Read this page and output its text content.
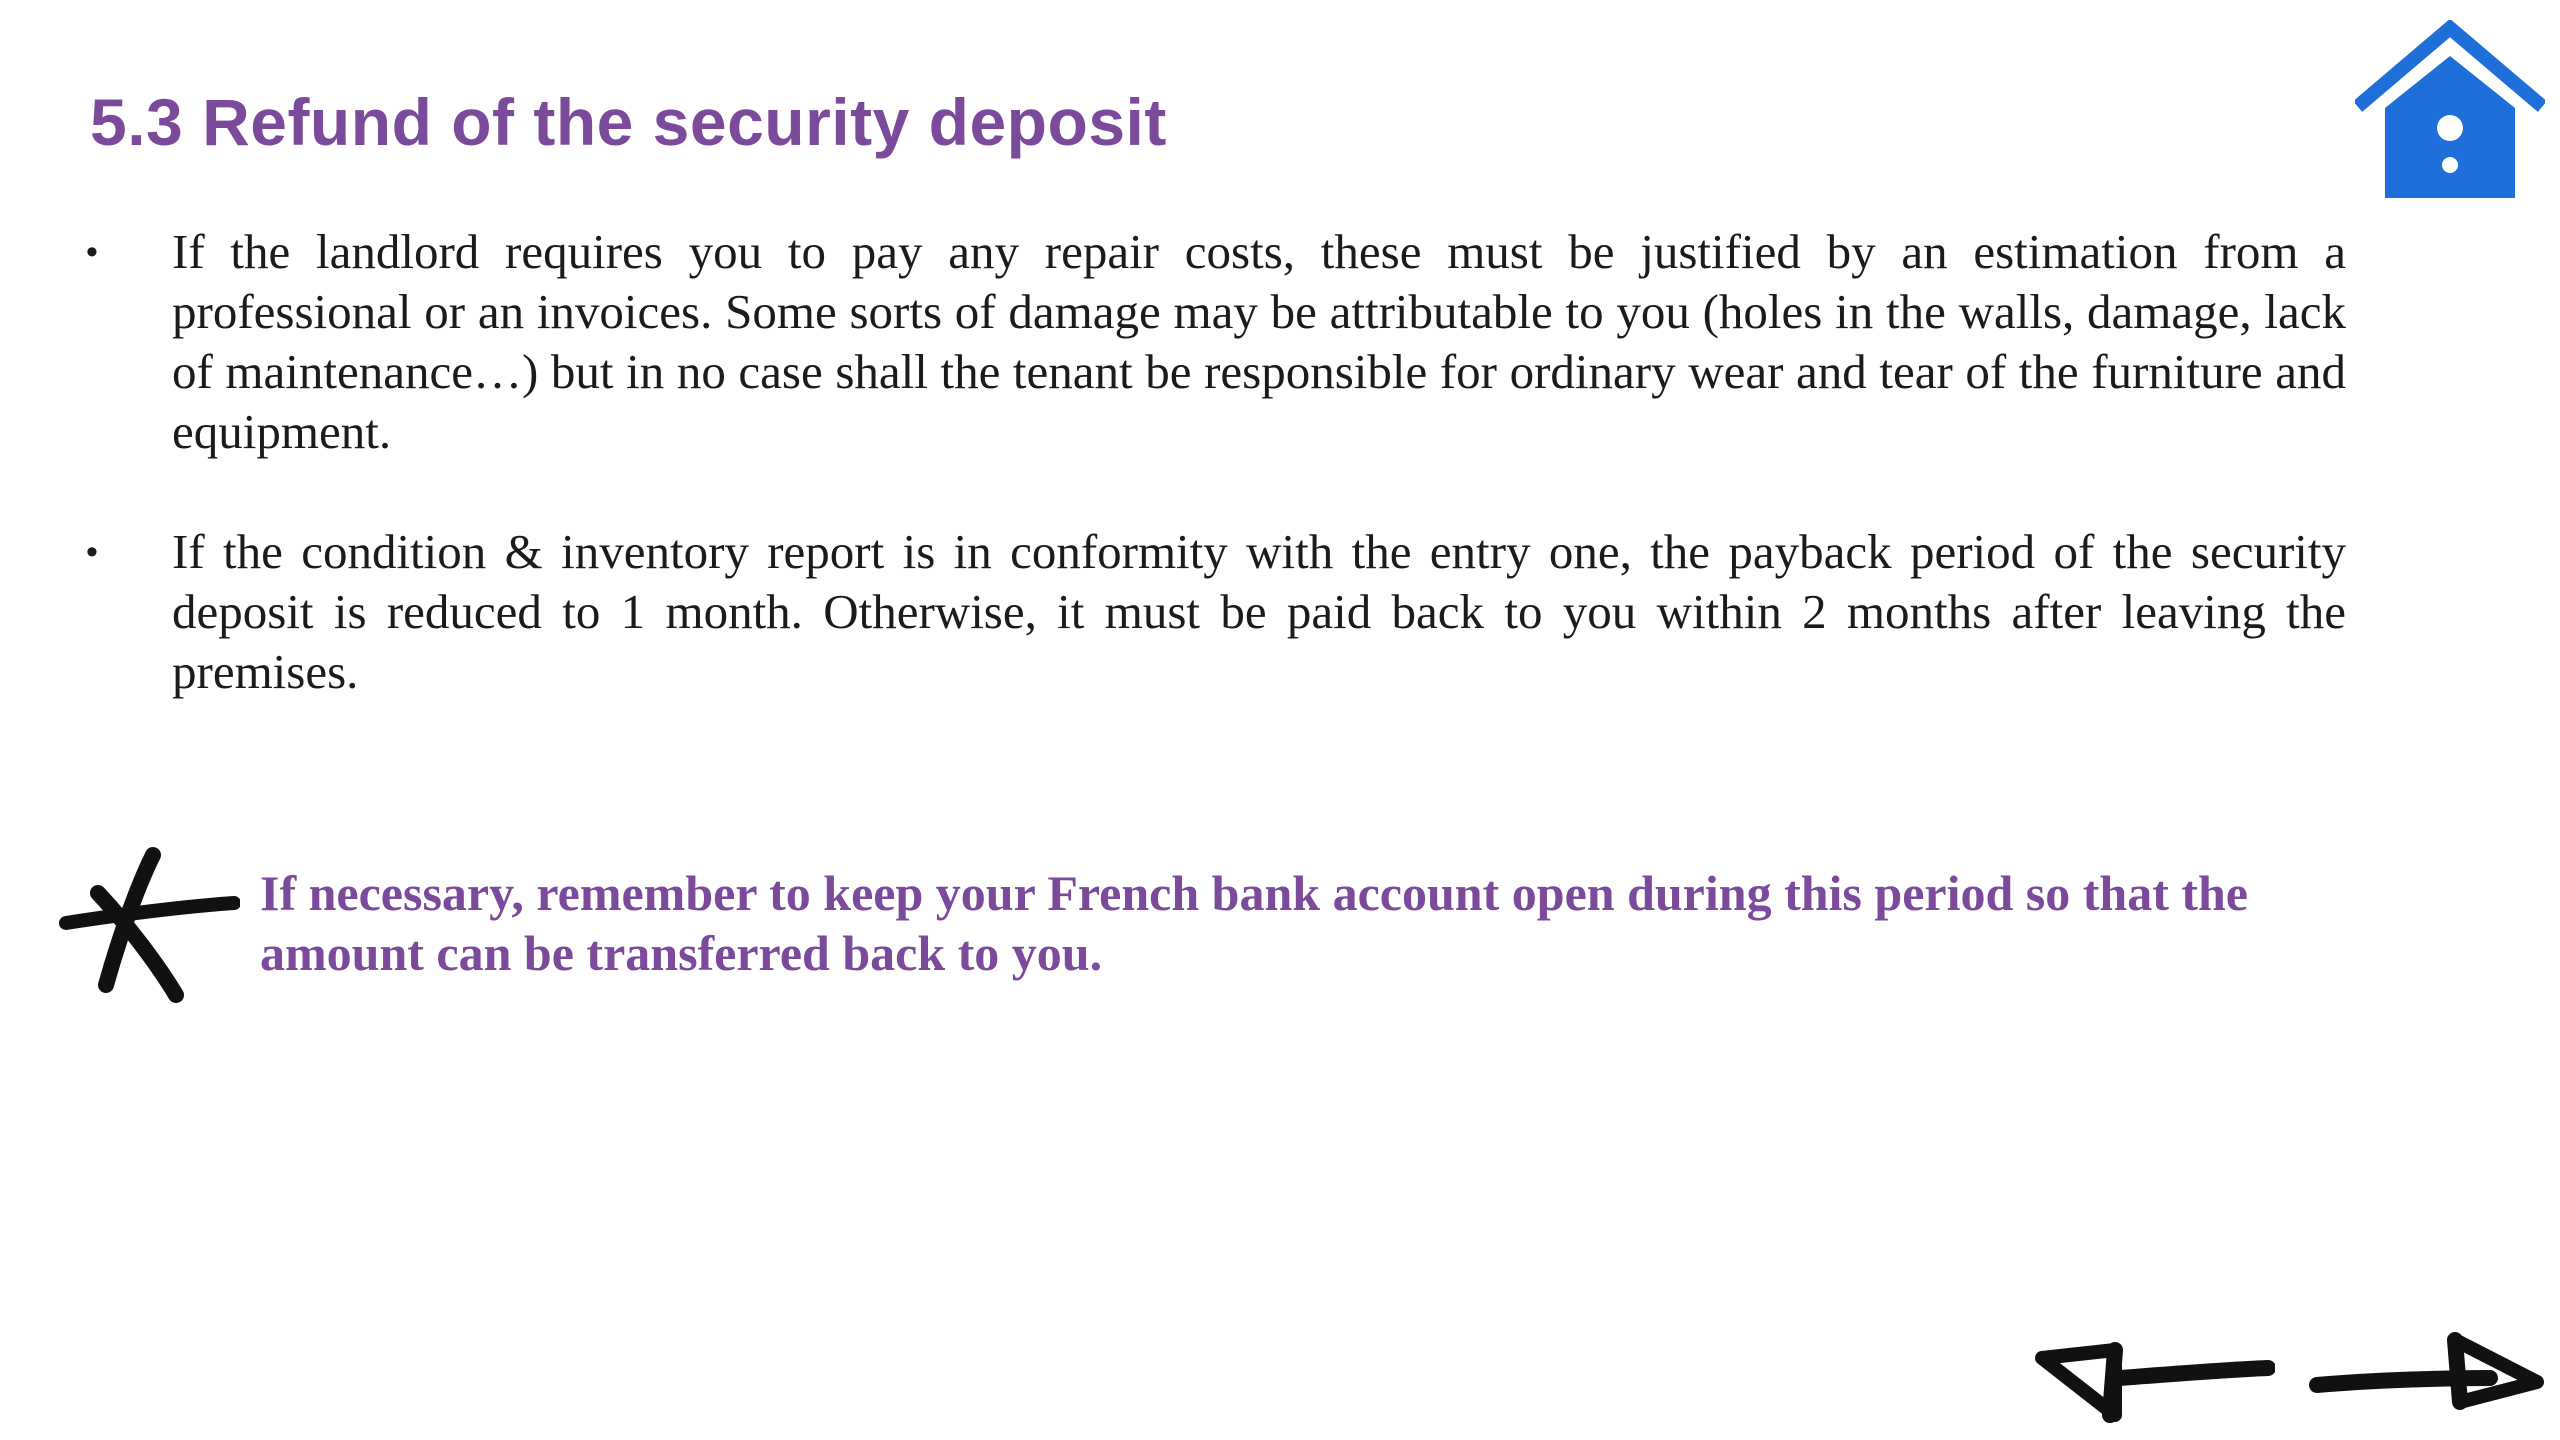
5.3 Refund of the security deposit
• If the landlord requires you to pay any repair costs, these must be justified by an estimation from a professional or an invoices. Some sorts of damage may be attributable to you (holes in the walls, damage, lack of maintenance…) but in no case shall the tenant be responsible for ordinary wear and tear of the furniture and equipment.
• If the condition & inventory report is in conformity with the entry one, the payback period of the security deposit is reduced to 1 month. Otherwise, it must be paid back to you within 2 months after leaving the premises.

If necessary, remember to keep your French bank account open during this period so that the amount can be transferred back to you.
